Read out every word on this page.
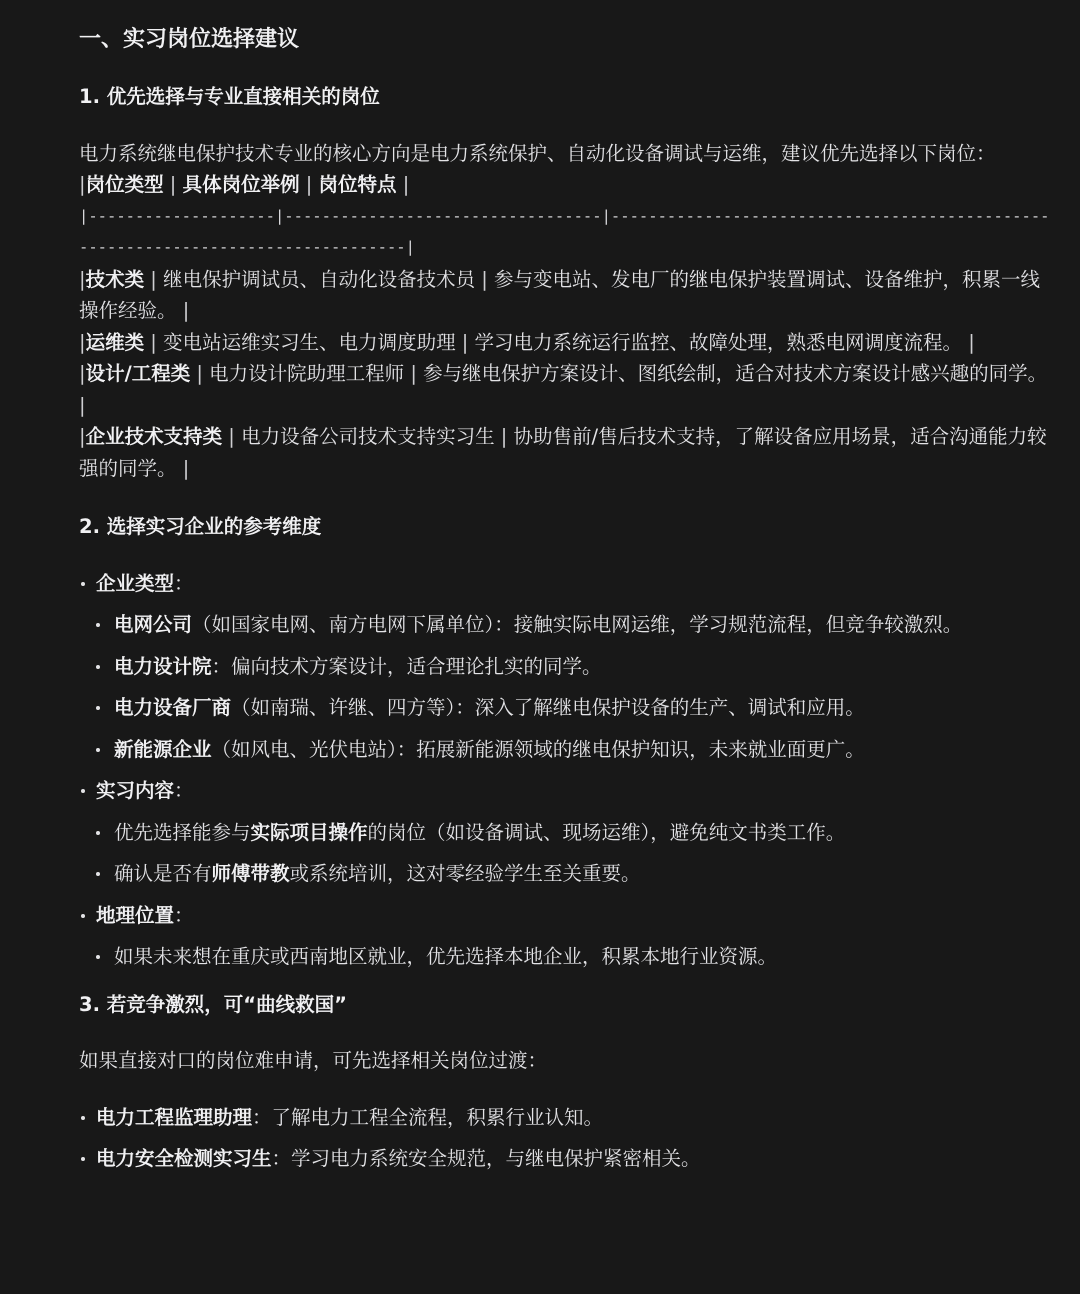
一、实习岗位选择建议
1. 优先选择与专业直接相关的岗位

电力系统继电保护技术专业的核心方向是电力系统保护、自动化设备调试与运维，建议优先选择以下岗位：

|岗位类型 | 具体岗位举例 | 岗位特点 |

|--------------------|----------------------------------|----------------------------------------------------------------------------------|

|技术类 | 继电保护调试员、自动化设备技术员 | 参与变电站、发电厂的继电保护装置调试、设备维护，积累一线操作经验。 |

|运维类 | 变电站运维实习生、电力调度助理 | 学习电力系统运行监控、故障处理，熟悉电网调度流程。 |

|设计/工程类 | 电力设计院助理工程师 | 参与继电保护方案设计、图纸绘制，适合对技术方案设计感兴趣的同学。 |

|企业技术支持类 | 电力设备公司技术支持实习生 | 协助售前/售后技术支持，了解设备应用场景，适合沟通能力较强的同学。 |

2. 选择实习企业的参考维度
企业类型：
电网公司（如国家电网、南方电网下属单位）：接触实际电网运维，学习规范流程，但竞争较激烈。
电力设计院：偏向技术方案设计，适合理论扎实的同学。
电力设备厂商（如南瑞、许继、四方等）：深入了解继电保护设备的生产、调试和应用。
新能源企业（如风电、光伏电站）：拓展新能源领域的继电保护知识，未来就业面更广。
实习内容：
优先选择能参与实际项目操作的岗位（如设备调试、现场运维），避免纯文书类工作。
确认是否有师傅带教或系统培训，这对零经验学生至关重要。
地理位置：
如果未来想在重庆或西南地区就业，优先选择本地企业，积累本地行业资源。
3. 若竞争激烈，可“曲线救国”

如果直接对口的岗位难申请，可先选择相关岗位过渡：

电力工程监理助理：了解电力工程全流程，积累行业认知。
电力安全检测实习生：学习电力系统安全规范，与继电保护紧密相关。
